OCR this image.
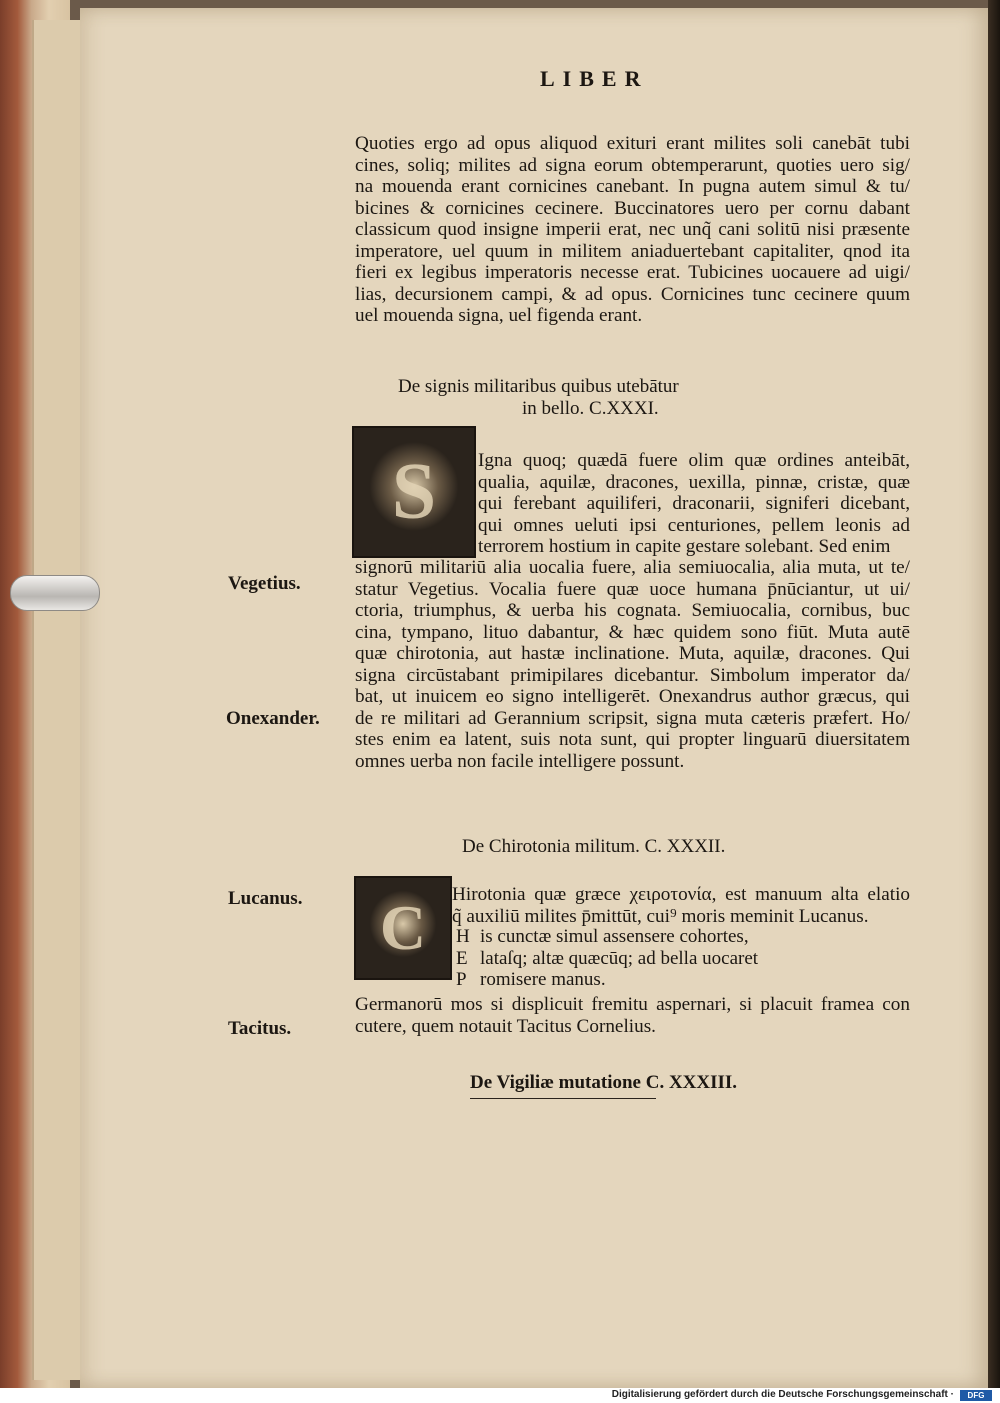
LIBER
Quoties ergo ad opus aliquod exituri erant milites soli canebāt tubi
cines, soliq; milites ad signa eorum obtemperarunt, quoties uero sig/
na mouenda erant cornicines canebant. In pugna autem simul & tu/
bicines & cornicines cecinere. Buccinatores uero per cornu dabant
classicum quod insigne imperii erat, nec unq̃ cani solitū nisi præsente
imperatore, uel quum in militem aniaduertebant capitaliter, qnod ita
fieri ex legibus imperatoris necesse erat. Tubicines uocauere ad uigi/
lias, decursionem campi, & ad opus. Cornicines tunc cecinere quum
uel mouenda signa, uel figenda erant.
De signis militaribus quibus utebātur
in bello. C.XXXI.
S	Igna quoq; quædā fuere olim quæ ordines anteibāt,
qualia, aquilæ, dracones, uexilla, pinnæ, cristæ, quæ
qui ferebant aquiliferi, draconarii, signiferi dicebant,
qui omnes ueluti ipsi centuriones, pellem leonis ad
terrorem hostium in capite gestare solebant. Sed enim
signorū militariū alia uocalia fuere, alia semiuocalia, alia muta, ut te/
statur Vegetius. Vocalia fuere quæ uoce humana p̄nūciantur, ut ui/
ctoria, triumphus, & uerba his cognata. Semiuocalia, cornibus, buc
cina, tympano, lituo dabantur, & hæc quidem sono fiūt. Muta autē
quæ chirotonia, aut hastæ inclinatione. Muta, aquilæ, dracones. Qui
signa circūstabant primipilares dicebantur. Simbolum imperator da/
bat, ut inuicem eo signo intelligerēt. Onexandrus author græcus, qui
de re militari ad Gerannium scripsit, signa muta cæteris præfert. Ho/
stes enim ea latent, suis nota sunt, qui propter linguarū diuersitatem
omnes uerba non facile intelligere possunt.
De Chirotonia militum. C. XXXII.
C	Hirotonia quæ græce χειροτονία, est manuum alta elatio
q̃ auxiliū milites p̄mittūt, cui⁹ moris meminit Lucanus.
H is cunctæ simul assensere cohortes,
E lataſq; altæ quæcūq; ad bella uocaret
P romisere manus.
Germanorū mos si displicuit fremitu aspernari, si placuit framea con
cutere, quem notauit Tacitus Cornelius.
De Vigiliæ mutatione C. XXXIII.
Vegetius.
Onexander.
Lucanus.
Tacitus.
Digitalisierung gefördert durch die Deutsche Forschungsgemeinschaft ·	DFG
